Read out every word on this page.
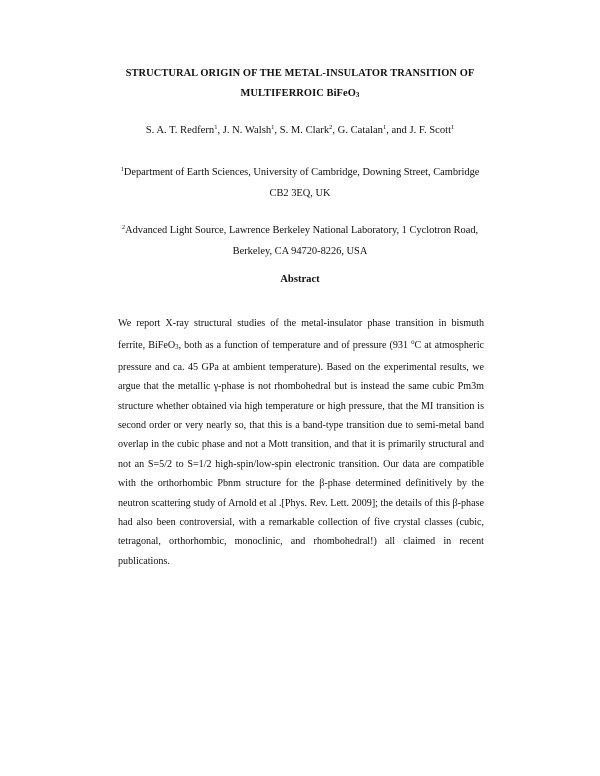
STRUCTURAL ORIGIN OF THE METAL-INSULATOR TRANSITION OF
MULTIFERROIC BiFeO$_3$
S. A. T. Redfern$^1$, J. N. Walsh$^1$, S. M. Clark$^2$, G. Catalan$^1$, and J. F. Scott$^1$
$^1$Department of Earth Sciences, University of Cambridge, Downing Street, Cambridge
CB2 3EQ, UK
$^2$Advanced Light Source, Lawrence Berkeley National Laboratory, 1 Cyclotron Road,
Berkeley, CA 94720-8226, USA
Abstract
We report X-ray structural studies of the metal-insulator phase transition in bismuth ferrite, BiFeO$_3$, both as a function of temperature and of pressure (931 $^o$C at atmospheric pressure and ca. 45 GPa at ambient temperature). Based on the experimental results, we argue that the metallic γ-phase is not rhombohedral but is instead the same cubic Pm3m structure whether obtained via high temperature or high pressure, that the MI transition is second order or very nearly so, that this is a band-type transition due to semi-metal band overlap in the cubic phase and not a Mott transition, and that it is primarily structural and not an S=5/2 to S=1/2 high-spin/low-spin electronic transition. Our data are compatible with the orthorhombic Pbnm structure for the β-phase determined definitively by the neutron scattering study of Arnold et al .[Phys. Rev. Lett. 2009]; the details of this β-phase had also been controversial, with a remarkable collection of five crystal classes (cubic, tetragonal, orthorhombic, monoclinic, and rhombohedral!) all claimed in recent publications.
